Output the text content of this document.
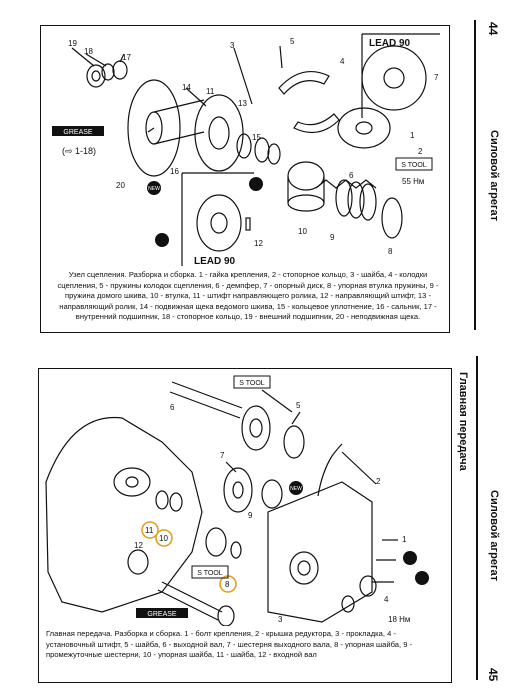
44
Силовой агрегат
GREASE
(⇨ 1-18)
LEAD 90
LEAD 90
S TOOL
55 Нм
NEW
19
18
17
14
3	5
11
13
15
16
20
4
7
1
2
6
10
9
8
12
Узел сцепления. Разборка и сборка. 1 - гайка крепления, 2 - стопорное кольцо, 3 - шайба, 4 - колодки сцепления, 5 - пружины колодок сцепления, 6 - демпфер, 7 - опорный диск, 8 - упорная втулка пружины, 9 - пружина домого шкива, 10 - втулка, 11 - штифт направляющего ролика, 12 - направляющий штифт, 13 - направляющий ролик, 14 - подвижная щека ведомого шкива, 15 - кольцевое уплотнение, 16 - сальник, 17 - внутренний подшипник, 18 - стопорное кольцо, 19 - внешний подшипник, 20 - неподвижная щека.
Главная передача
Силовой агрегат
45
S TOOL
S TOOL
GREASE
NEW
18 Нм
5
6
7
9
11
10
8
12
2
1
4
3
Главная передача. Разборка и сборка. 1 - болт крепления, 2 - крышка редуктора, 3 - прокладка, 4 - установочный штифт, 5 - шайба, 6 - выходной вал, 7 - шестерня выходного вала, 8 - упорная шайба, 9 - промежуточные шестерни, 10 - упорная шайба, 11 - шайба, 12 - входной вал
